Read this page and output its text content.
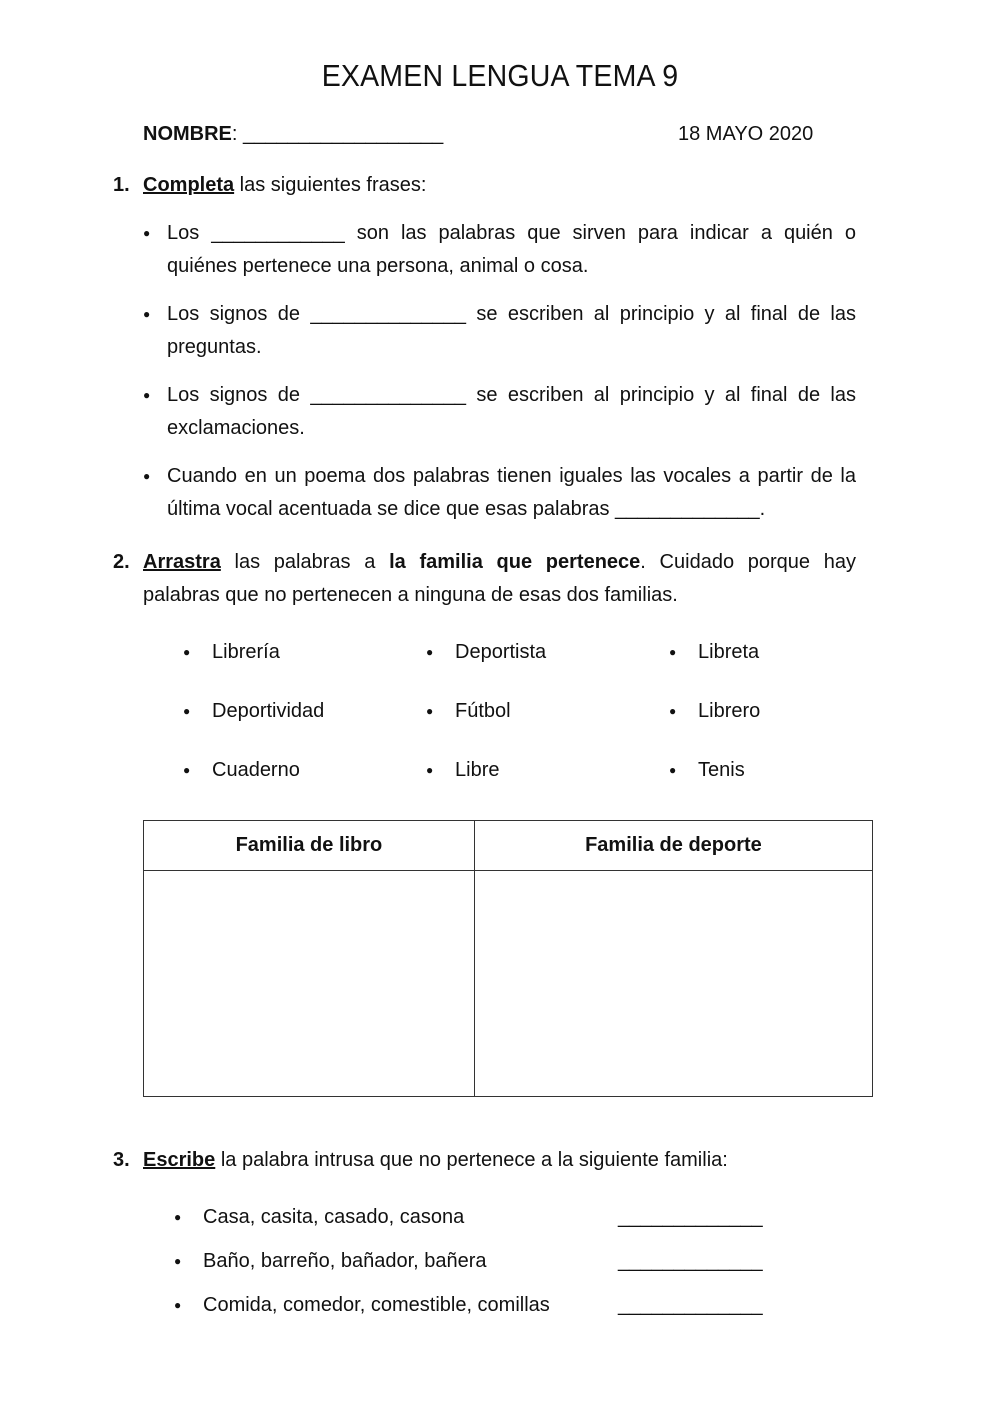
EXAMEN LENGUA TEMA 9
NOMBRE: __________________	18 MAYO 2020
1. Completa las siguientes frases:
● Los ____________ son las palabras que sirven para indicar a quién o quiénes pertenece una persona, animal o cosa.
● Los signos de ______________ se escriben al principio y al final de las preguntas.
● Los signos de ______________ se escriben al principio y al final de las exclamaciones.
● Cuando en un poema dos palabras tienen iguales las vocales a partir de la última vocal acentuada se dice que esas palabras _____________.
2. Arrastra las palabras a la familia que pertenece. Cuidado porque hay palabras que no pertenecen a ninguna de esas dos familias.
● Librería	● Deportista	● Libreta
● Deportividad	● Fútbol	● Librero
● Cuaderno	● Libre	● Tenis
Familia de libro	Familia de deporte

3. Escribe la palabra intrusa que no pertenece a la siguiente familia:
● Casa, casita, casado, casona	_____________
● Baño, barreño, bañador, bañera	_____________
● Comida, comedor, comestible, comillas	_____________
